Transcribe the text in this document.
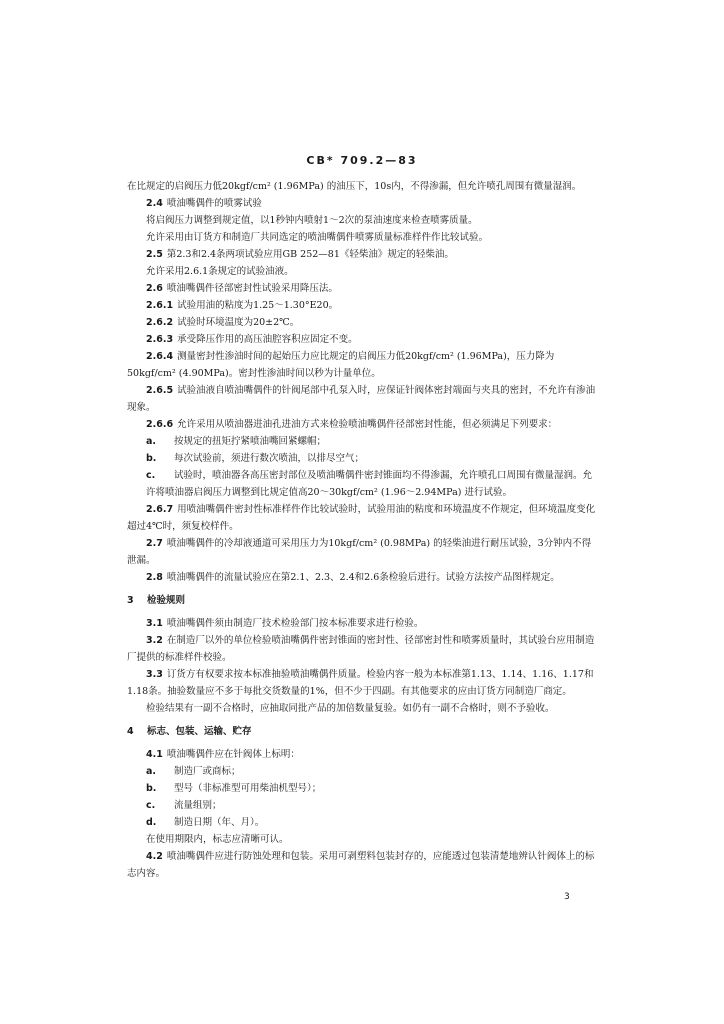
CB* 709.2—83

在比规定的启阀压力低20kgf/cm² (1.96MPa) 的油压下，10s内，不得渗漏，但允许喷孔周围有微量湿润。

2.4 喷油嘴偶件的喷雾试验

将启阀压力调整到规定值，以1秒钟内喷射1～2次的泵油速度来检查喷雾质量。

允许采用由订货方和制造厂共同选定的喷油嘴偶件喷雾质量标准样件作比较试验。

2.5 第2.3和2.4条两项试验应用GB 252—81《轻柴油》规定的轻柴油。

允许采用2.6.1条规定的试验油液。

2.6 喷油嘴偶件径部密封性试验采用降压法。

2.6.1 试验用油的粘度为1.25～1.30°E20。

2.6.2 试验时环境温度为20±2℃。

2.6.3 承受降压作用的高压油腔容积应固定不变。

2.6.4 测量密封性渗油时间的起始压力应比规定的启阀压力低20kgf/cm² (1.96MPa)，压力降为50kgf/cm² (4.90MPa)。密封性渗油时间以秒为计量单位。

2.6.5 试验油液自喷油嘴偶件的针阀尾部中孔泵入时，应保证针阀体密封端面与夹具的密封，不允许有渗油现象。

2.6.6 允许采用从喷油器进油孔进油方式来检验喷油嘴偶件径部密封性能，但必须满足下列要求：

a. 按规定的扭矩拧紧喷油嘴回紧螺帽；

b. 每次试验前，须进行数次喷油，以排尽空气；

c. 试验时，喷油器各高压密封部位及喷油嘴偶件密封锥面均不得渗漏，允许喷孔口周围有微量湿润。允许将喷油器启阀压力调整到比规定值高20～30kgf/cm² (1.96～2.94MPa) 进行试验。

2.6.7 用喷油嘴偶件密封性标准样件作比较试验时，试验用油的粘度和环境温度不作规定，但环境温度变化超过4℃时，须复校样件。

2.7 喷油嘴偶件的冷却液通道可采用压力为10kgf/cm² (0.98MPa) 的轻柴油进行耐压试验，3分钟内不得泄漏。

2.8 喷油嘴偶件的流量试验应在第2.1、2.3、2.4和2.6条检验后进行。试验方法按产品图样规定。

3 检验规则

3.1 喷油嘴偶件须由制造厂技术检验部门按本标准要求进行检验。

3.2 在制造厂以外的单位检验喷油嘴偶件密封锥面的密封性、径部密封性和喷雾质量时，其试验台应用制造厂提供的标准样件校验。

3.3 订货方有权要求按本标准抽验喷油嘴偶件质量。检验内容一般为本标准第1.13、1.14、1.16、1.17和1.18条。抽验数量应不多于每批交货数量的1%，但不少于四副。有其他要求的应由订货方同制造厂商定。

检验结果有一副不合格时，应抽取同批产品的加倍数量复验。如仍有一副不合格时，则不予验收。

4 标志、包装、运输、贮存

4.1 喷油嘴偶件应在针阀体上标明：

a. 制造厂或商标；

b. 型号（非标准型可用柴油机型号）；

c. 流量组别；

d. 制造日期（年、月）。

在使用期限内，标志应清晰可认。

4.2 喷油嘴偶件应进行防蚀处理和包装。采用可剥塑料包装封存的，应能透过包装清楚地辨认针阀体上的标志内容。

3
